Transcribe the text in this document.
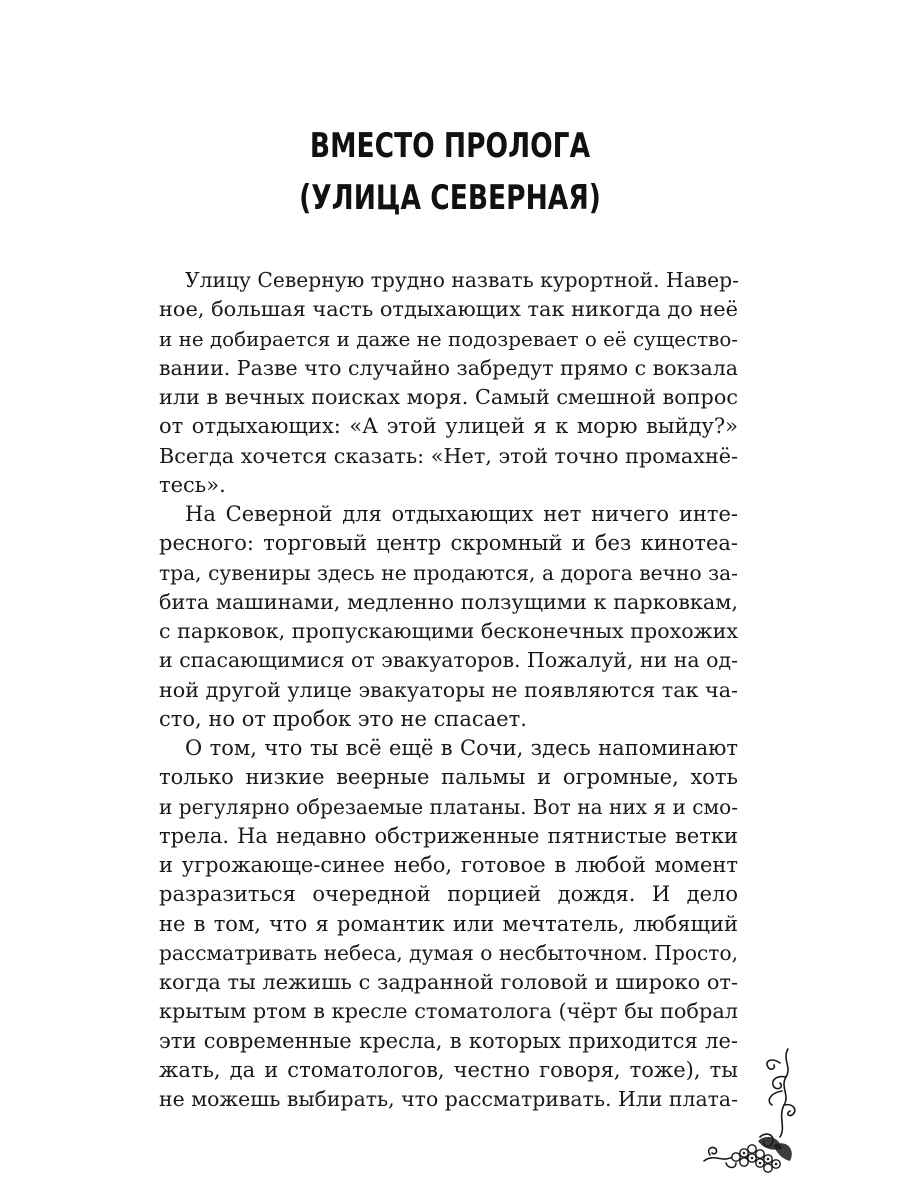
ВМЕСТО ПРОЛОГА
(УЛИЦА СЕВЕРНАЯ)
Улицу Северную трудно назвать курортной. Навер-
ное, большая часть отдыхающих так никогда до неё
и не добирается и даже не подозревает о её существо-
вании. Разве что случайно забредут прямо с вокзала
или в вечных поисках моря. Самый смешной вопрос
от отдыхающих: «А этой улицей я к морю выйду?»
Всегда хочется сказать: «Нет, этой точно промахнё-
тесь».
На Северной для отдыхающих нет ничего инте-
ресного: торговый центр скромный и без кинотеа-
тра, сувениры здесь не продаются, а дорога вечно за-
бита машинами, медленно ползущими к парковкам,
с парковок, пропускающими бесконечных прохожих
и спасающимися от эвакуаторов. Пожалуй, ни на од-
ной другой улице эвакуаторы не появляются так ча-
сто, но от пробок это не спасает.
О том, что ты всё ещё в Сочи, здесь напоминают
только низкие веерные пальмы и огромные, хоть
и регулярно обрезаемые платаны. Вот на них я и смо-
трела. На недавно обстриженные пятнистые ветки
и угрожающе-синее небо, готовое в любой момент
разразиться очередной порцией дождя. И дело
не в том, что я романтик или мечтатель, любящий
рассматривать небеса, думая о несбыточном. Просто,
когда ты лежишь с задранной головой и широко от-
крытым ртом в кресле стоматолога (чёрт бы побрал
эти современные кресла, в которых приходится ле-
жать, да и стоматологов, честно говоря, тоже), ты
не можешь выбирать, что рассматривать. Или плата-
